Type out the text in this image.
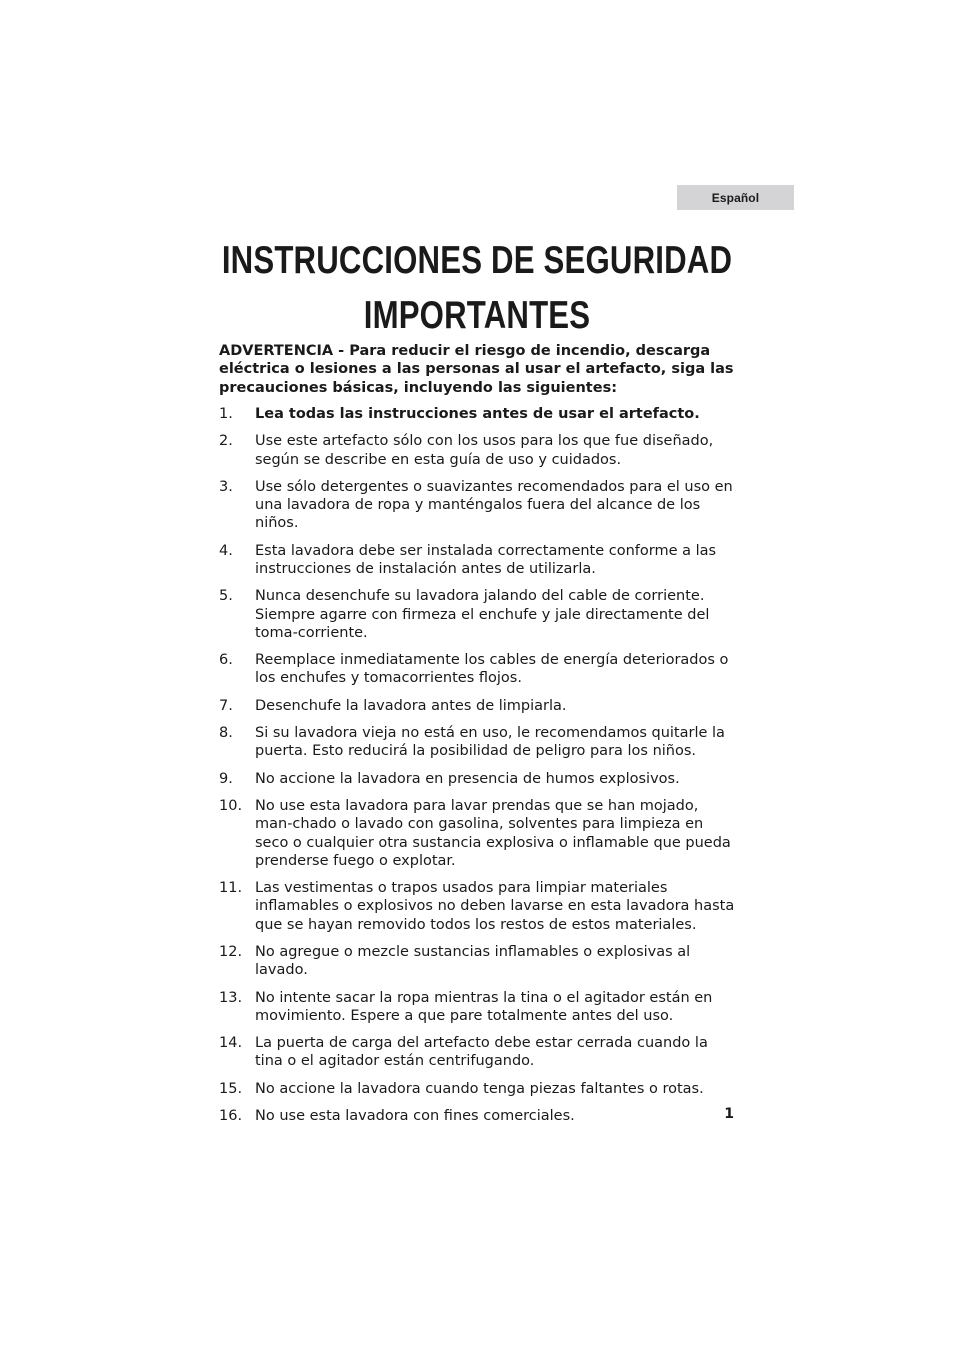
Español
INSTRUCCIONES DE SEGURIDAD
IMPORTANTES

ADVERTENCIA - Para reducir el riesgo de incendio, descarga eléctrica o lesiones a las personas al usar el artefacto, siga las precauciones básicas, incluyendo las siguientes:

1.	Lea todas las instrucciones antes de usar el artefacto.
2.	Use este artefacto sólo con los usos para los que fue diseñado, según se describe en esta guía de uso y cuidados.
3.	Use sólo detergentes o suavizantes recomendados para el uso en una lavadora de ropa y manténgalos fuera del alcance de los niños.
4.	Esta lavadora debe ser instalada correctamente conforme a las instrucciones de instalación antes de utilizarla.
5.	Nunca desenchufe su lavadora jalando del cable de corriente. Siempre agarre con firmeza el enchufe y jale directamente del toma-corriente.
6.	Reemplace inmediatamente los cables de energía deteriorados o los enchufes y tomacorrientes flojos.
7.	Desenchufe la lavadora antes de limpiarla.
8.	Si su lavadora vieja no está en uso, le recomendamos quitarle la puerta. Esto reducirá la posibilidad de peligro para los niños.
9.	No accione la lavadora en presencia de humos explosivos.
10. No use esta lavadora para lavar prendas que se han mojado, man-chado o lavado con gasolina, solventes para limpieza en seco o cualquier otra sustancia explosiva o inflamable que pueda prenderse fuego o explotar.
11. Las vestimentas o trapos usados para limpiar materiales inflamables o explosivos no deben lavarse en esta lavadora hasta que se hayan removido todos los restos de estos materiales.
12. No agregue o mezcle sustancias inflamables o explosivas al lavado.
13. No intente sacar la ropa mientras la tina o el agitador están en movimiento. Espere a que pare totalmente antes del uso.
14. La puerta de carga del artefacto debe estar cerrada cuando la tina o el agitador están centrifugando.
15. No accione la lavadora cuando tenga piezas faltantes o rotas.
16. No use esta lavadora con fines comerciales.	1
